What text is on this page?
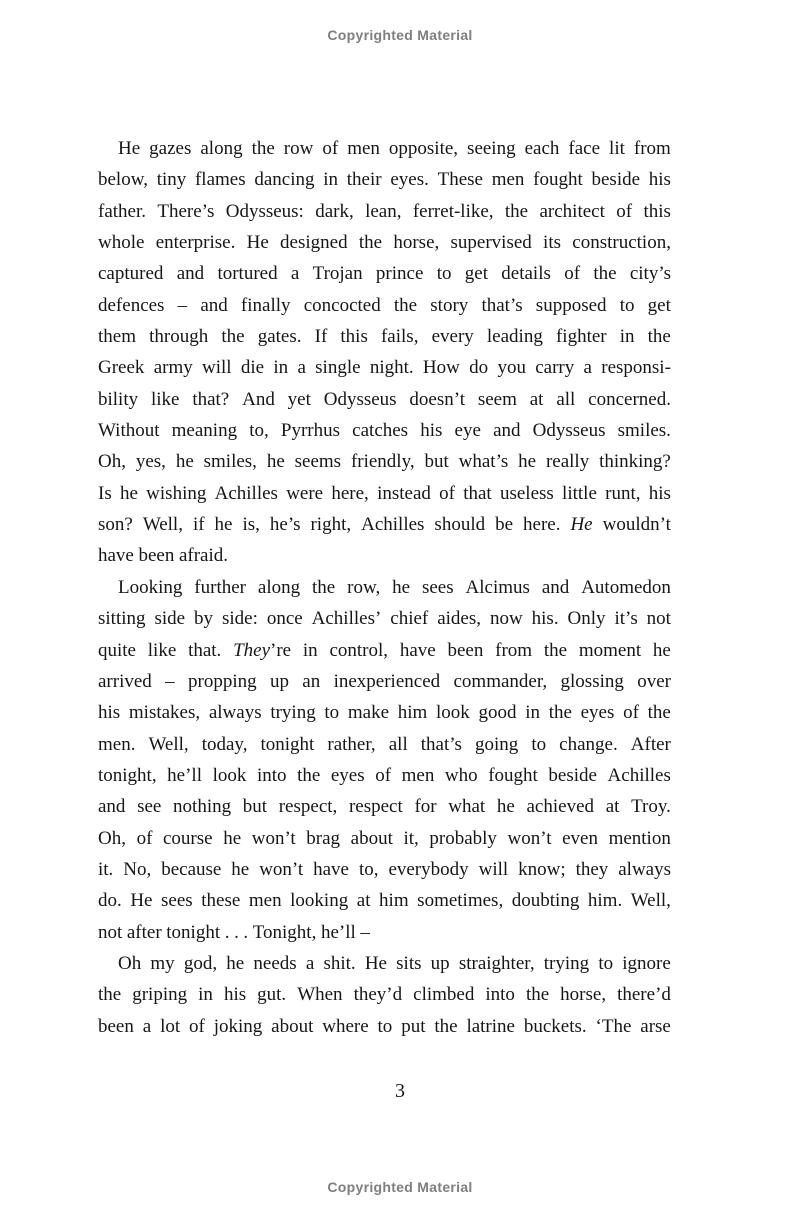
Copyrighted Material
He gazes along the row of men opposite, seeing each face lit from
below, tiny flames dancing in their eyes. These men fought beside his
father. There’s Odysseus: dark, lean, ferret-like, the architect of this
whole enterprise. He designed the horse, supervised its construction,
captured and tortured a Trojan prince to get details of the city’s
defences – and finally concocted the story that’s supposed to get
them through the gates. If this fails, every leading fighter in the
Greek army will die in a single night. How do you carry a responsi-
bility like that? And yet Odysseus doesn’t seem at all concerned.
Without meaning to, Pyrrhus catches his eye and Odysseus smiles.
Oh, yes, he smiles, he seems friendly, but what’s he really thinking?
Is he wishing Achilles were here, instead of that useless little runt, his
son? Well, if he is, he’s right, Achilles should be here. He wouldn’t
have been afraid.
Looking further along the row, he sees Alcimus and Automedon
sitting side by side: once Achilles’ chief aides, now his. Only it’s not
quite like that. They’re in control, have been from the moment he
arrived – propping up an inexperienced commander, glossing over
his mistakes, always trying to make him look good in the eyes of the
men. Well, today, tonight rather, all that’s going to change. After
tonight, he’ll look into the eyes of men who fought beside Achilles
and see nothing but respect, respect for what he achieved at Troy.
Oh, of course he won’t brag about it, probably won’t even mention
it. No, because he won’t have to, everybody will know; they always
do. He sees these men looking at him sometimes, doubting him. Well,
not after tonight . . . Tonight, he’ll –
Oh my god, he needs a shit. He sits up straighter, trying to ignore
the griping in his gut. When they’d climbed into the horse, there’d
been a lot of joking about where to put the latrine buckets. ‘The arse
3
Copyrighted Material
